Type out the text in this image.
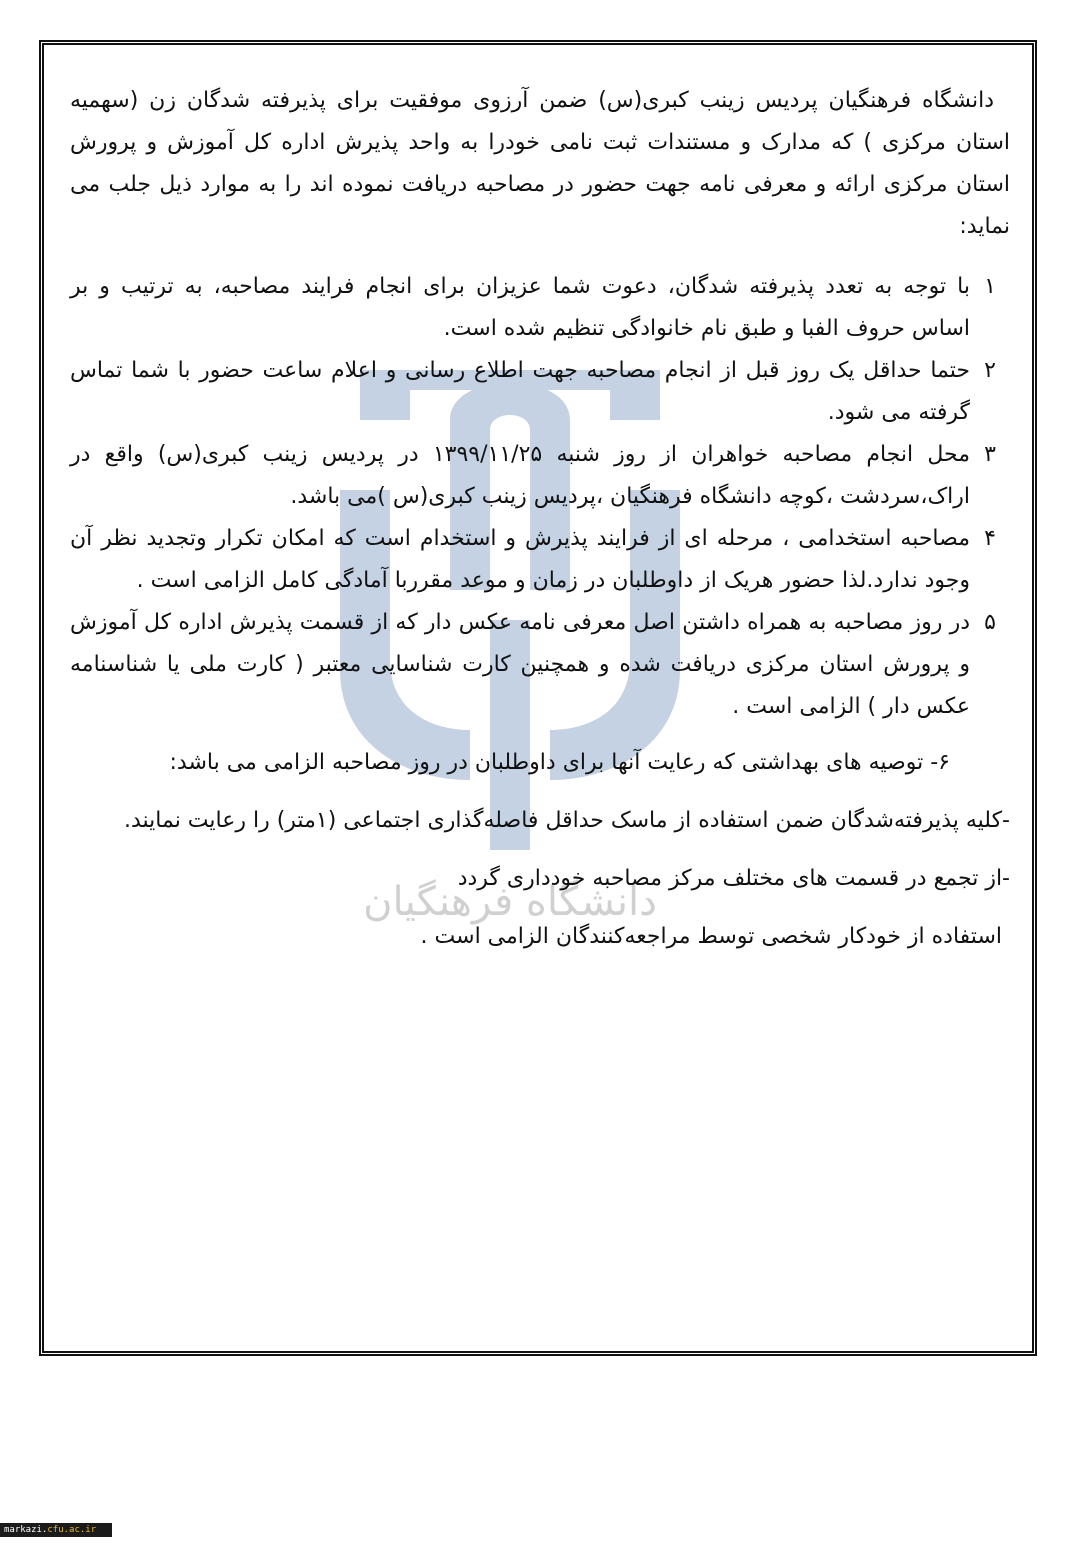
دانشگاه فرهنگیان
دانشگاه فرهنگیان پردیس زینب کبری(س) ضمن آرزوی موفقیت برای پذیرفته شدگان زن (سهمیه استان مرکزی ) که مدارک و مستندات ثبت نامی خودرا به واحد پذیرش اداره کل آموزش و پرورش استان مرکزی ارائه و معرفی نامه جهت حضور در مصاحبه دریافت نموده اند را به موارد ذیل جلب می نماید:
۱
با توجه به تعدد پذیرفته شدگان، دعوت شما عزیزان برای انجام فرایند مصاحبه، به ترتیب و بر اساس حروف الفبا و طبق نام خانوادگی تنظیم شده است.
۲
حتما حداقل یک روز قبل از انجام مصاحبه جهت اطلاع رسانی و اعلام ساعت حضور با شما تماس گرفته می شود.
۳
محل انجام مصاحبه خواهران از روز شنبه ۱۳۹۹/۱۱/۲۵ در پردیس زینب کبری(س) واقع در اراک،سردشت ،کوچه دانشگاه فرهنگیان ،پردیس زینب کبری(س )می باشد.
۴
مصاحبه استخدامی ، مرحله ای از فرایند پذیرش و استخدام است که امکان تکرار وتجدید نظر آن وجود ندارد.لذا حضور هریک از داوطلبان در زمان و موعد مقرربا آمادگی کامل الزامی است .
۵
در روز مصاحبه به همراه داشتن اصل معرفی نامه عکس دار که از قسمت پذیرش اداره کل آموزش و پرورش استان مرکزی دریافت شده و همچنین کارت شناسایی معتبر ( کارت ملی یا شناسنامه عکس دار ) الزامی است .
۶- توصیه های بهداشتی که رعایت آنها برای داوطلبان در روز مصاحبه الزامی می باشد:
-کلیه پذیرفته‌شدگان ضمن استفاده از ماسک حداقل فاصله‌گذاری اجتماعی (۱متر) را رعایت نمایند.
-از تجمع در قسمت های مختلف مرکز مصاحبه خودداری گردد
استفاده از خودکار شخصی توسط مراجعه‌کنندگان الزامی است .
markazi.cfu.ac.ir
